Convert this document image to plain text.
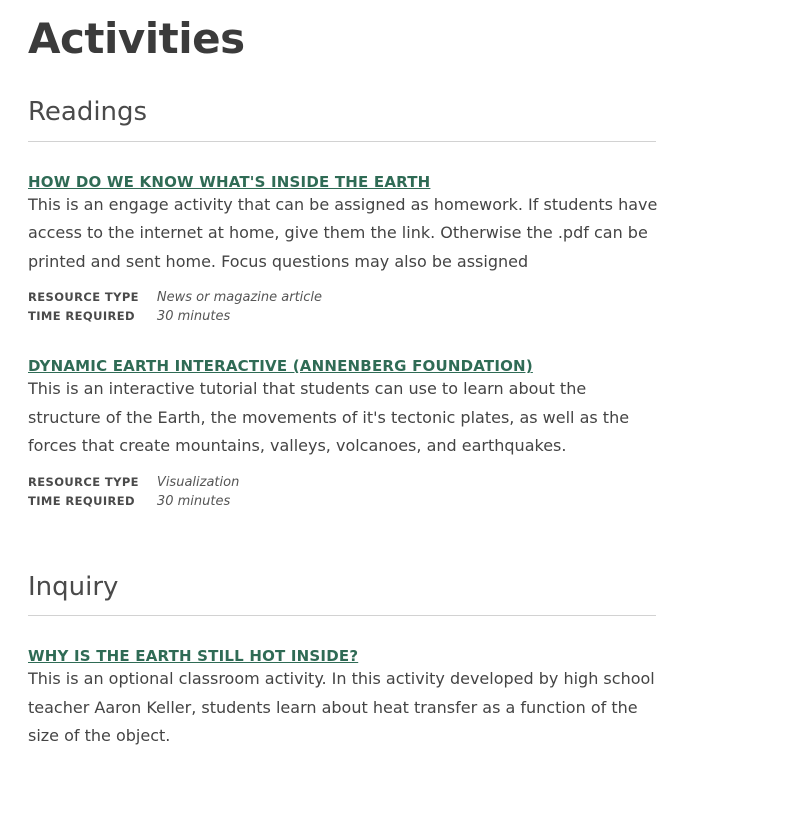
Activities
Readings
HOW DO WE KNOW WHAT'S INSIDE THE EARTH

This is an engage activity that can be assigned as homework. If students have access to the internet at home, give them the link. Otherwise the .pdf can be printed and sent home. Focus questions may also be assigned

RESOURCE TYPE	News or magazine article
TIME REQUIRED	30 minutes
DYNAMIC EARTH INTERACTIVE (ANNENBERG FOUNDATION)

This is an interactive tutorial that students can use to learn about the structure of the Earth, the movements of it's tectonic plates, as well as the forces that create mountains, valleys, volcanoes, and earthquakes.

RESOURCE TYPE	Visualization
TIME REQUIRED	30 minutes
Inquiry
WHY IS THE EARTH STILL HOT INSIDE?

This is an optional classroom activity. In this activity developed by high school teacher Aaron Keller, students learn about heat transfer as a function of the size of the object.
